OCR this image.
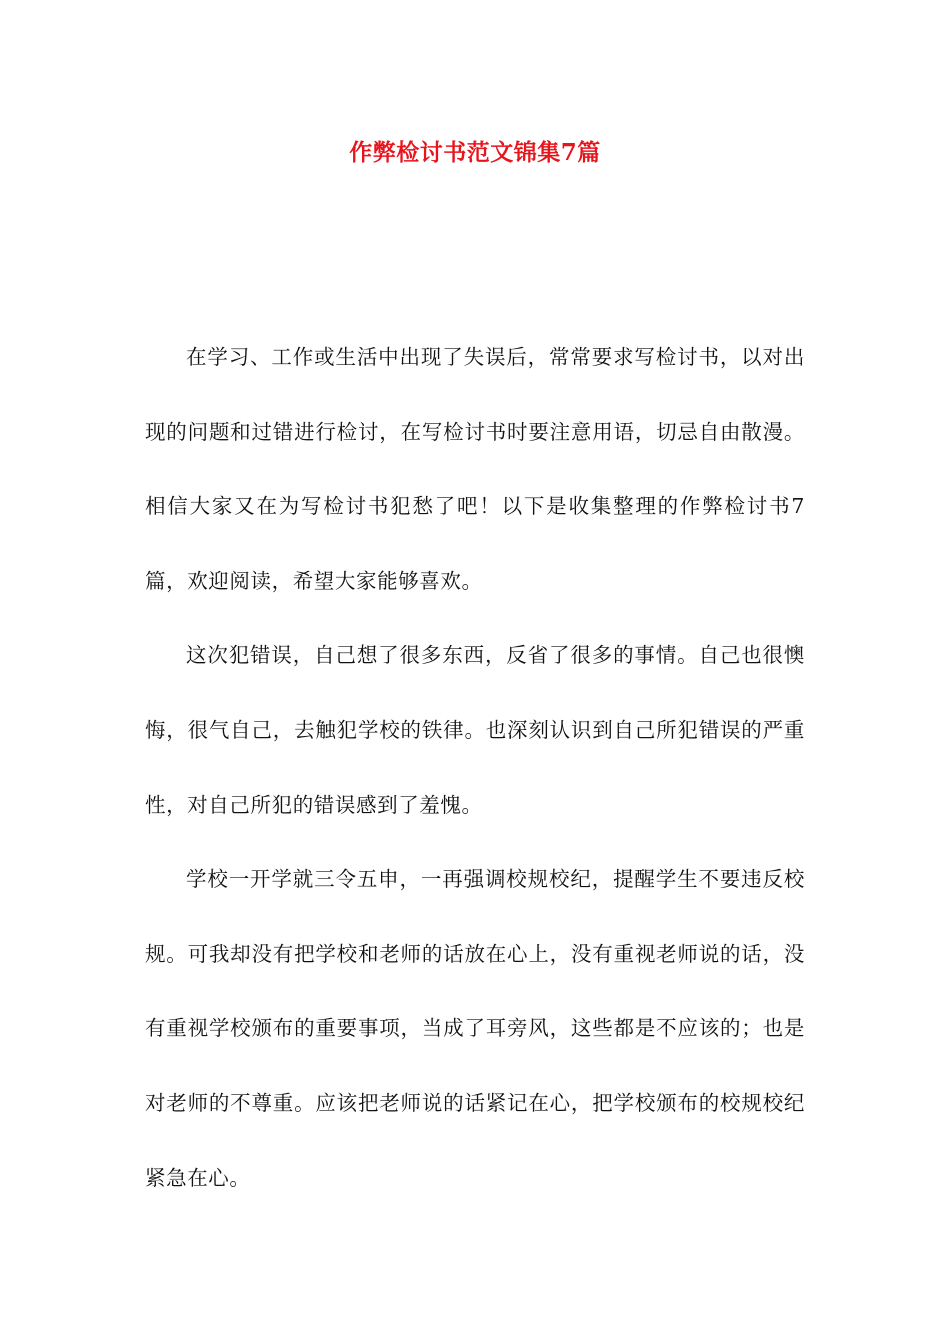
作弊检讨书范文锦集7篇

在学习、工作或生活中出现了失误后，常常要求写检讨书，以对出现的问题和过错进行检讨，在写检讨书时要注意用语，切忌自由散漫。相信大家又在为写检讨书犯愁了吧！以下是收集整理的作弊检讨书7篇，欢迎阅读，希望大家能够喜欢。

这次犯错误，自己想了很多东西，反省了很多的事情。自己也很懊悔，很气自己，去触犯学校的铁律。也深刻认识到自己所犯错误的严重性，对自己所犯的错误感到了羞愧。

学校一开学就三令五申，一再强调校规校纪，提醒学生不要违反校规。可我却没有把学校和老师的话放在心上，没有重视老师说的话，没有重视学校颁布的重要事项，当成了耳旁风，这些都是不应该的；也是对老师的不尊重。应该把老师说的话紧记在心，把学校颁布的校规校纪紧急在心。
